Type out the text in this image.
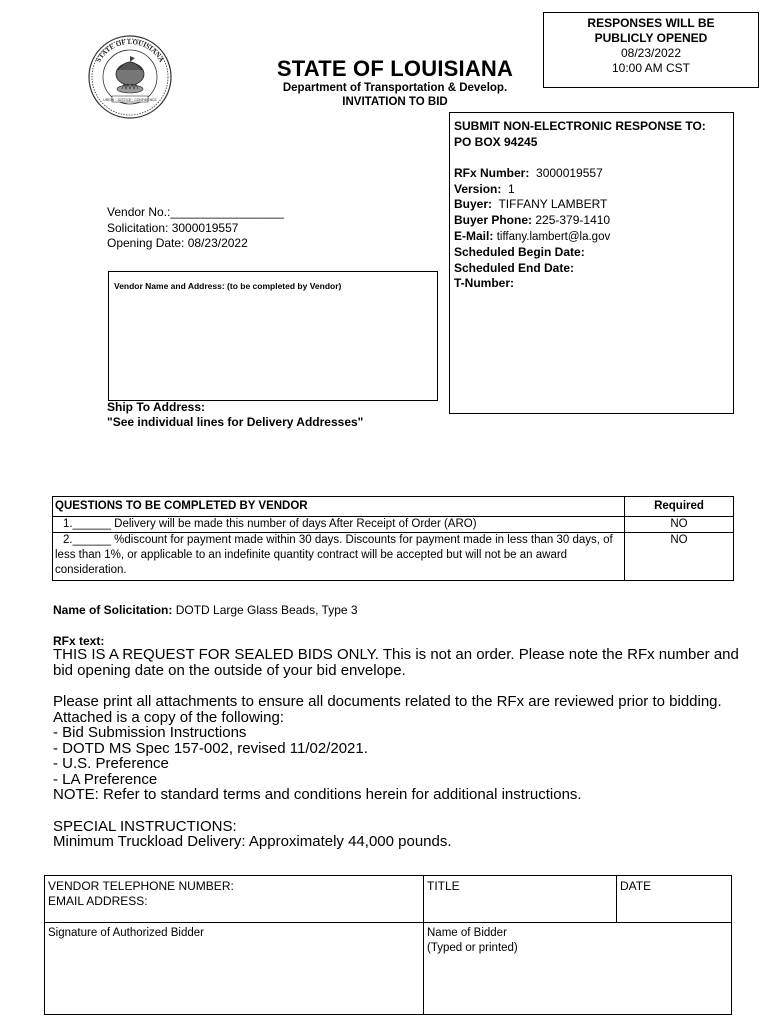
STATE OF LOUISIANA
UNION · JUSTICE · CONFIDENCE
STATE OF LOUISIANA
Department of Transportation & Develop.
INVITATION TO BID
RESPONSES WILL BE
PUBLICLY OPENED
08/23/2022
10:00 AM CST
SUBMIT NON-ELECTRONIC RESPONSE TO:
PO BOX 94245
RFx Number: 3000019557
Version: 1
Buyer: TIFFANY LAMBERT
Buyer Phone: 225-379-1410
E-Mail: tiffany.lambert@la.gov
Scheduled Begin Date:
Scheduled End Date:
T-Number:
Vendor No.:_________________
Solicitation: 3000019557
Opening Date: 08/23/2022
Vendor Name and Address: (to be completed by Vendor)
Ship To Address:
"See individual lines for Delivery Addresses"
QUESTIONS TO BE COMPLETED BY VENDOR	Required
1.______ Delivery will be made this number of days After Receipt of Order (ARO)	NO
2.______ %discount for payment made within 30 days. Discounts for payment made in less than 30 days, of less than 1%, or applicable to an indefinite quantity contract will be accepted but will not be an award consideration.	NO
Name of Solicitation: DOTD Large Glass Beads, Type 3
RFx text:

THIS IS A REQUEST FOR SEALED BIDS ONLY. This is not an order. Please note the RFx number and bid opening date on the outside of your bid envelope.

Please print all attachments to ensure all documents related to the RFx are reviewed prior to bidding.

Attached is a copy of the following:

- Bid Submission Instructions

- DOTD MS Spec 157-002, revised 11/02/2021.

- U.S. Preference

- LA Preference

NOTE: Refer to standard terms and conditions herein for additional instructions.

SPECIAL INSTRUCTIONS:

Minimum Truckload Delivery: Approximately 44,000 pounds.

VENDOR TELEPHONE NUMBER:
EMAIL ADDRESS:	TITLE	DATE

Signature of Authorized Bidder	Name of Bidder
(Typed or printed)	
